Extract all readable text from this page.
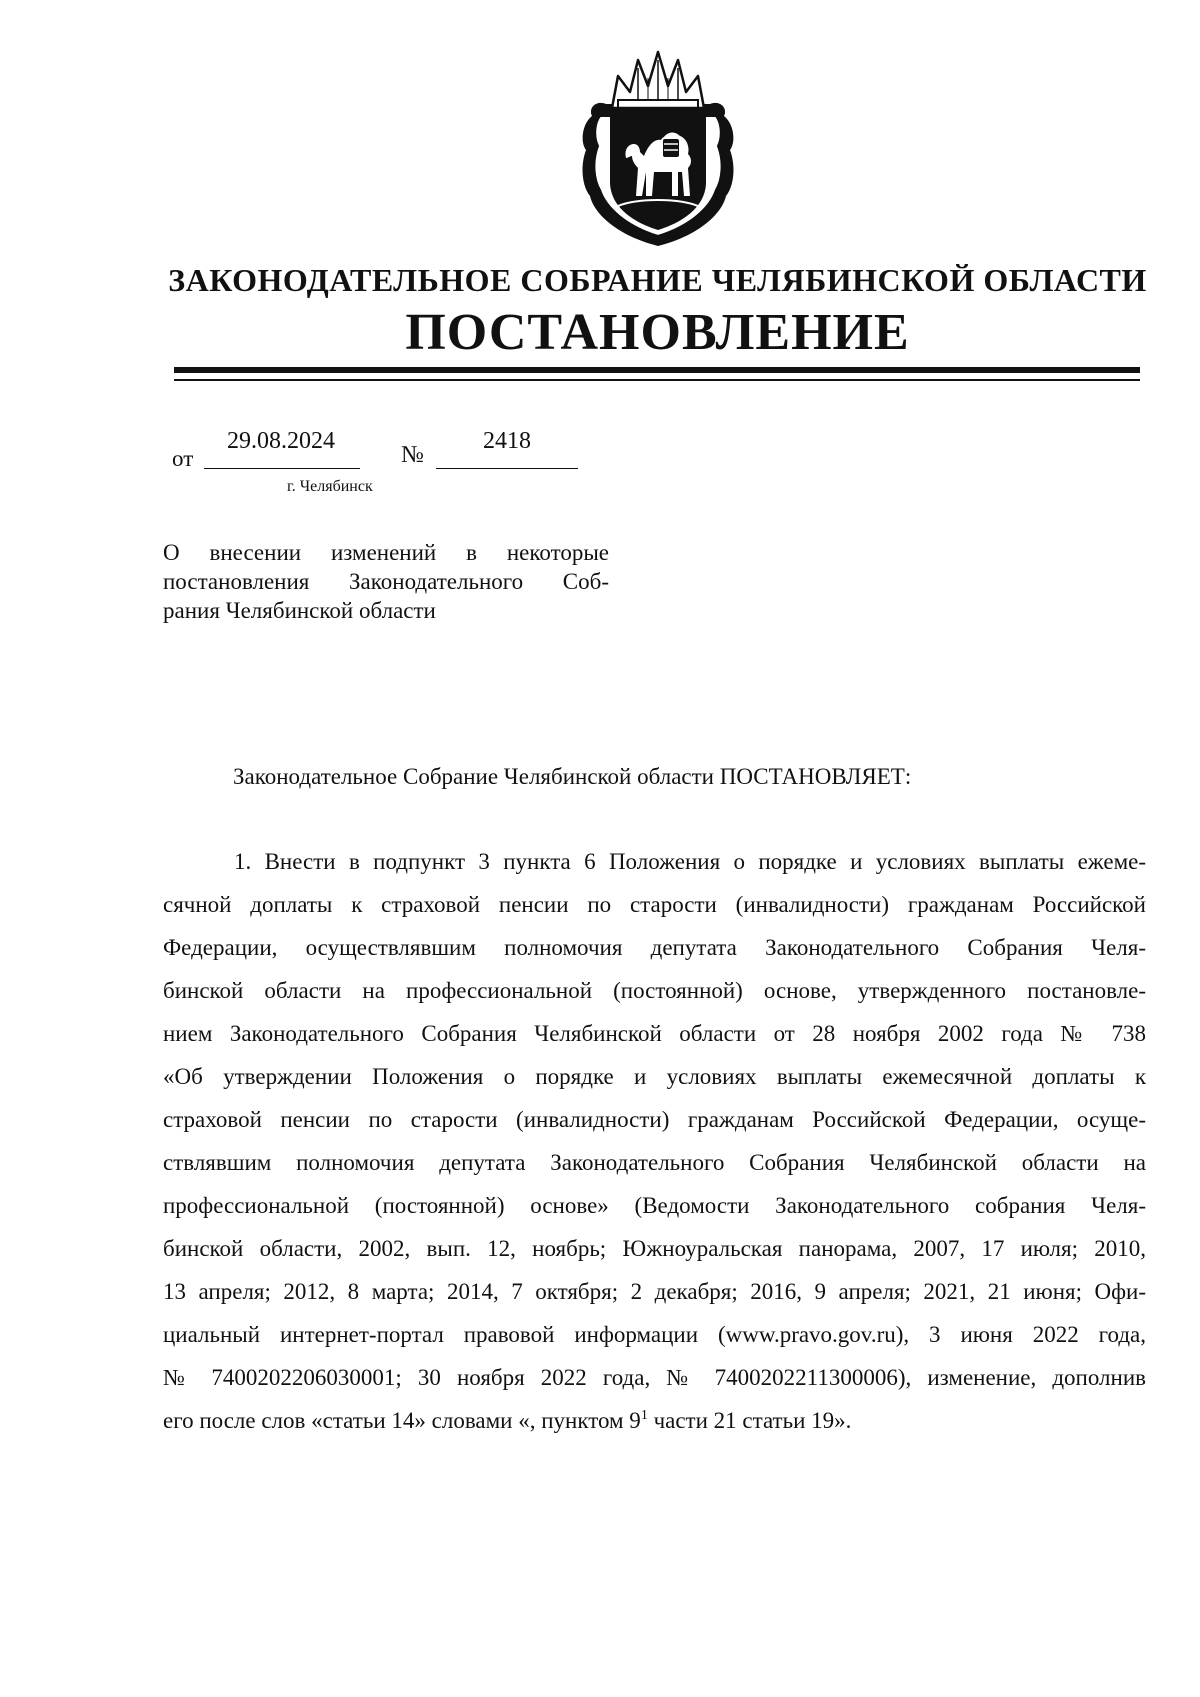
ЗАКОНОДАТЕЛЬНОЕ СОБРАНИЕ ЧЕЛЯБИНСКОЙ ОБЛАСТИ
ПОСТАНОВЛЕНИЕ
от
29.08.2024
№
2418
г. Челябинск
О внесении изменений в некоторые
постановления Законодательного Соб-
рания Челябинской области
Законодательное Собрание Челябинской области ПОСТАНОВЛЯЕТ:
1. Внести в подпункт 3 пункта 6 Положения о порядке и условиях выплаты ежеме-
сячной доплаты к страховой пенсии по старости (инвалидности) гражданам Российской
Федерации, осуществлявшим полномочия депутата Законодательного Собрания Челя-
бинской области на профессиональной (постоянной) основе, утвержденного постановле-
нием Законодательного Собрания Челябинской области от 28 ноября 2002 года № 738
«Об утверждении Положения о порядке и условиях выплаты ежемесячной доплаты к
страховой пенсии по старости (инвалидности) гражданам Российской Федерации, осуще-
ствлявшим полномочия депутата Законодательного Собрания Челябинской области на
профессиональной (постоянной) основе» (Ведомости Законодательного собрания Челя-
бинской области, 2002, вып. 12, ноябрь; Южноуральская панорама, 2007, 17 июля; 2010,
13 апреля; 2012, 8 марта; 2014, 7 октября; 2 декабря; 2016, 9 апреля; 2021, 21 июня; Офи-
циальный интернет-портал правовой информации (www.pravo.gov.ru), 3 июня 2022 года,
№ 7400202206030001; 30 ноября 2022 года, № 7400202211300006), изменение, дополнив
его после слов «статьи 14» словами «, пунктом $9^1$ части 21 статьи 19».
